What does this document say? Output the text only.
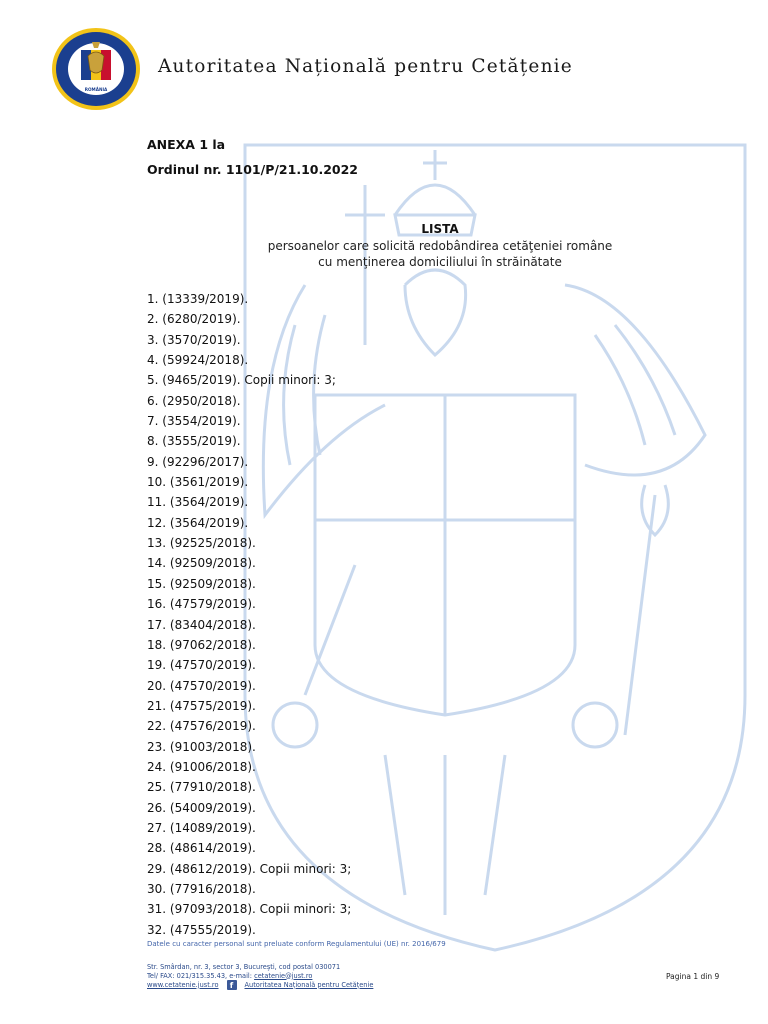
ROMÂNIA
Autoritatea Națională pentru Cetățenie
ANEXA 1 la
Ordinul nr. 1101/P/21.10.2022
LISTA
persoanelor care solicită redobândirea cetăţeniei române
cu menţinerea domiciliului în străinătate
1. (13339/2019).
2. (6280/2019).
3. (3570/2019).
4. (59924/2018).
5. (9465/2019). Copii minori: 3;
6. (2950/2018).
7. (3554/2019).
8. (3555/2019).
9. (92296/2017).
10. (3561/2019).
11. (3564/2019).
12. (3564/2019).
13. (92525/2018).
14. (92509/2018).
15. (92509/2018).
16. (47579/2019).
17. (83404/2018).
18. (97062/2018).
19. (47570/2019).
20. (47570/2019).
21. (47575/2019).
22. (47576/2019).
23. (91003/2018).
24. (91006/2018).
25. (77910/2018).
26. (54009/2019).
27. (14089/2019).
28. (48614/2019).
29. (48612/2019). Copii minori: 3;
30. (77916/2018).
31. (97093/2018). Copii minori: 3;
32. (47555/2019).
Datele cu caracter personal sunt preluate conform Regulamentului (UE) nr. 2016/679
Str. Smârdan, nr. 3, sector 3, Bucureşti, cod postal 030071
Tel/ FAX: 021/315.35.43, e-mail: cetatenie@just.ro
www.cetatenie.just.ro	f	Autoritatea Naţională pentru Cetăţenie
Pagina 1 din 9
